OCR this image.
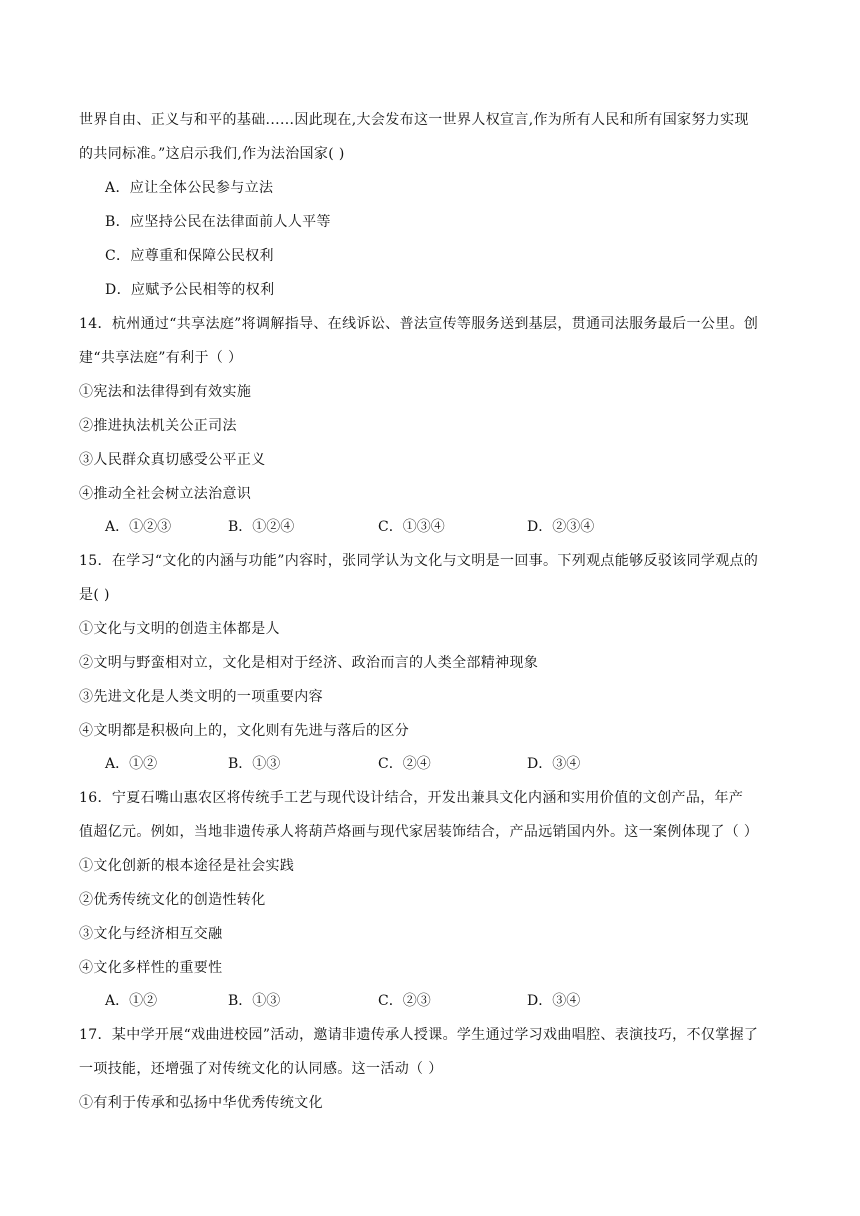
世界自由、正义与和平的基础......因此现在,大会发布这一世界人权宣言,作为所有人民和所有国家努力实现
的共同标准。”这启示我们,作为法治国家( )
A．应让全体公民参与立法
B．应坚持公民在法律面前人人平等
C．应尊重和保障公民权利
D．应赋予公民相等的权利
14．杭州通过“共享法庭”将调解指导、在线诉讼、普法宣传等服务送到基层，贯通司法服务最后一公里。创
建“共享法庭”有利于（ ）
①宪法和法律得到有效实施
②推进执法机关公正司法
③人民群众真切感受公平正义
④推动全社会树立法治意识
A．①②③	B．①②④	C．①③④	D．②③④
15．在学习“文化的内涵与功能”内容时，张同学认为文化与文明是一回事。下列观点能够反驳该同学观点的
是( )
①文化与文明的创造主体都是人
②文明与野蛮相对立，文化是相对于经济、政治而言的人类全部精神现象
③先进文化是人类文明的一项重要内容
④文明都是积极向上的，文化则有先进与落后的区分
A．①②	B．①③	C．②④	D．③④
16．宁夏石嘴山惠农区将传统手工艺与现代设计结合，开发出兼具文化内涵和实用价值的文创产品，年产
值超亿元。例如，当地非遗传承人将葫芦烙画与现代家居装饰结合，产品远销国内外。这一案例体现了（ ）
①文化创新的根本途径是社会实践
②优秀传统文化的创造性转化
③文化与经济相互交融
④文化多样性的重要性
A．①②	B．①③	C．②③	D．③④
17．某中学开展“戏曲进校园”活动，邀请非遗传承人授课。学生通过学习戏曲唱腔、表演技巧，不仅掌握了
一项技能，还增强了对传统文化的认同感。这一活动（ ）
①有利于传承和弘扬中华优秀传统文化
